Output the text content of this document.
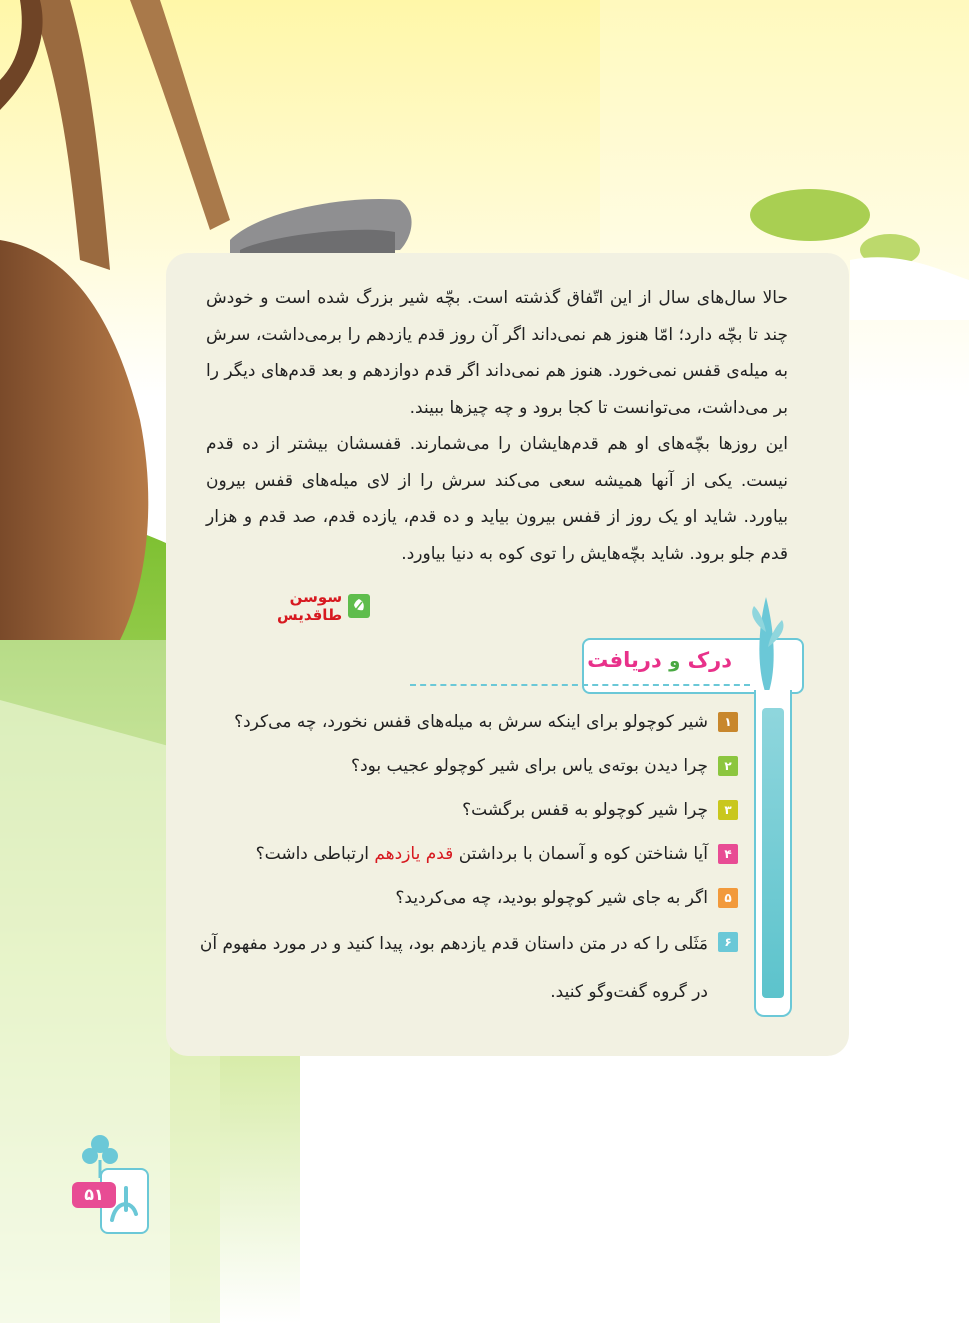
حالا سال‌های سال از این اتّفاق گذشته است. بچّه شیر بزرگ شده است و خودش چند تا بچّه دارد؛ امّا هنوز هم نمی‌داند اگر آن روز قدم یازدهم را برمی‌داشت، سرش به میله‌ی قفس نمی‌خورد. هنوز هم نمی‌داند اگر قدم دوازدهم و بعد قدم‌های دیگر را بر می‌داشت، می‌توانست تا کجا برود و چه چیزها ببیند.

این روزها بچّه‌های او هم قدم‌هایشان را می‌شمارند. قفسشان بیشتر از ده قدم نیست. یکی از آنها همیشه سعی می‌کند سرش را از لای میله‌های قفس بیرون بیاورد. شاید او یک روز از قفس بیرون بیاید و ده قدم، یازده قدم، صد قدم و هزار قدم جلو برود. شاید بچّه‌هایش را توی کوه به دنیا بیاورد.

سوسن طاقدیس
درک و دریافت
۱
شیر کوچولو برای اینکه سرش به میله‌های قفس نخورد، چه می‌کرد؟
۲
چرا دیدن بوته‌ی یاس برای شیر کوچولو عجیب بود؟
۳
چرا شیر کوچولو به قفس برگشت؟
۴
آیا شناختن کوه و آسمان با برداشتن قدم یازدهم ارتباطی داشت؟
۵
اگر به جای شیر کوچولو بودید، چه می‌کردید؟
۶
مَثَلی را که در متن داستان قدم یازدهم بود، پیدا کنید و در مورد مفهوم آن در گروه گفت‌وگو کنید.
۵۱
